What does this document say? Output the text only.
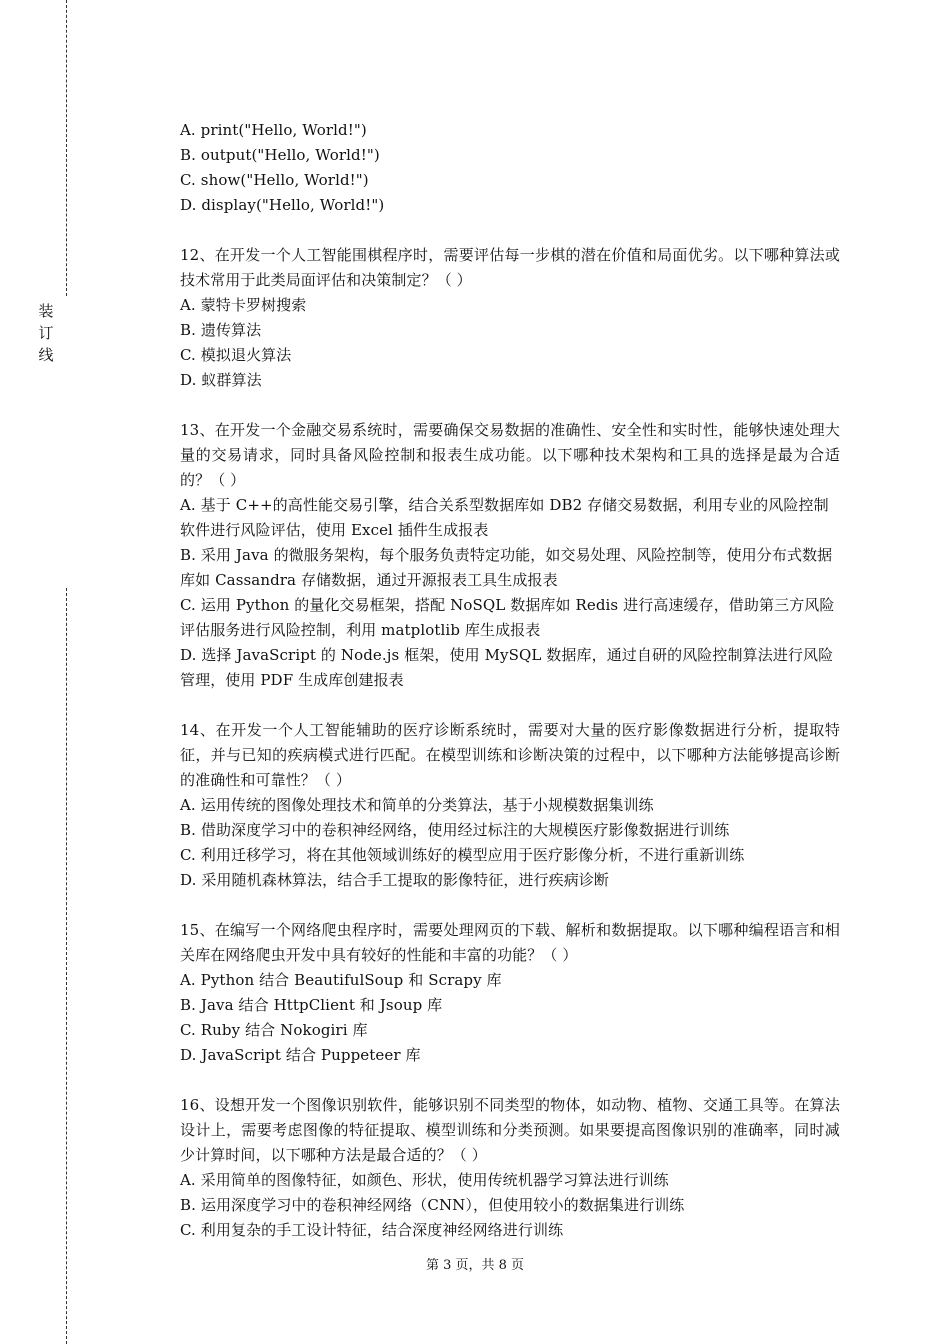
装
订
线

A. print("Hello, World!")

B. output("Hello, World!")

C. show("Hello, World!")

D. display("Hello, World!")

12、在开发一个人工智能围棋程序时，需要评估每一步棋的潜在价值和局面优劣。以下哪种算法或技术常用于此类局面评估和决策制定？（ ）

A. 蒙特卡罗树搜索

B. 遗传算法

C. 模拟退火算法

D. 蚁群算法

13、在开发一个金融交易系统时，需要确保交易数据的准确性、安全性和实时性，能够快速处理大量的交易请求，同时具备风险控制和报表生成功能。以下哪种技术架构和工具的选择是最为合适的？（ ）

A. 基于 C++的高性能交易引擎，结合关系型数据库如 DB2 存储交易数据，利用专业的风险控制软件进行风险评估，使用 Excel 插件生成报表

B. 采用 Java 的微服务架构，每个服务负责特定功能，如交易处理、风险控制等，使用分布式数据库如 Cassandra 存储数据，通过开源报表工具生成报表

C. 运用 Python 的量化交易框架，搭配 NoSQL 数据库如 Redis 进行高速缓存，借助第三方风险评估服务进行风险控制，利用 matplotlib 库生成报表

D. 选择 JavaScript 的 Node.js 框架，使用 MySQL 数据库，通过自研的风险控制算法进行风险管理，使用 PDF 生成库创建报表

14、在开发一个人工智能辅助的医疗诊断系统时，需要对大量的医疗影像数据进行分析，提取特征，并与已知的疾病模式进行匹配。在模型训练和诊断决策的过程中，以下哪种方法能够提高诊断的准确性和可靠性？（ ）

A. 运用传统的图像处理技术和简单的分类算法，基于小规模数据集训练

B. 借助深度学习中的卷积神经网络，使用经过标注的大规模医疗影像数据进行训练

C. 利用迁移学习，将在其他领域训练好的模型应用于医疗影像分析，不进行重新训练

D. 采用随机森林算法，结合手工提取的影像特征，进行疾病诊断

15、在编写一个网络爬虫程序时，需要处理网页的下载、解析和数据提取。以下哪种编程语言和相关库在网络爬虫开发中具有较好的性能和丰富的功能？（ ）

A. Python 结合 BeautifulSoup 和 Scrapy 库

B. Java 结合 HttpClient 和 Jsoup 库

C. Ruby 结合 Nokogiri 库

D. JavaScript 结合 Puppeteer 库

16、设想开发一个图像识别软件，能够识别不同类型的物体，如动物、植物、交通工具等。在算法设计上，需要考虑图像的特征提取、模型训练和分类预测。如果要提高图像识别的准确率，同时减少计算时间，以下哪种方法是最合适的？（ ）

A. 采用简单的图像特征，如颜色、形状，使用传统机器学习算法进行训练

B. 运用深度学习中的卷积神经网络（CNN），但使用较小的数据集进行训练

C. 利用复杂的手工设计特征，结合深度神经网络进行训练

第 3 页，共 8 页
